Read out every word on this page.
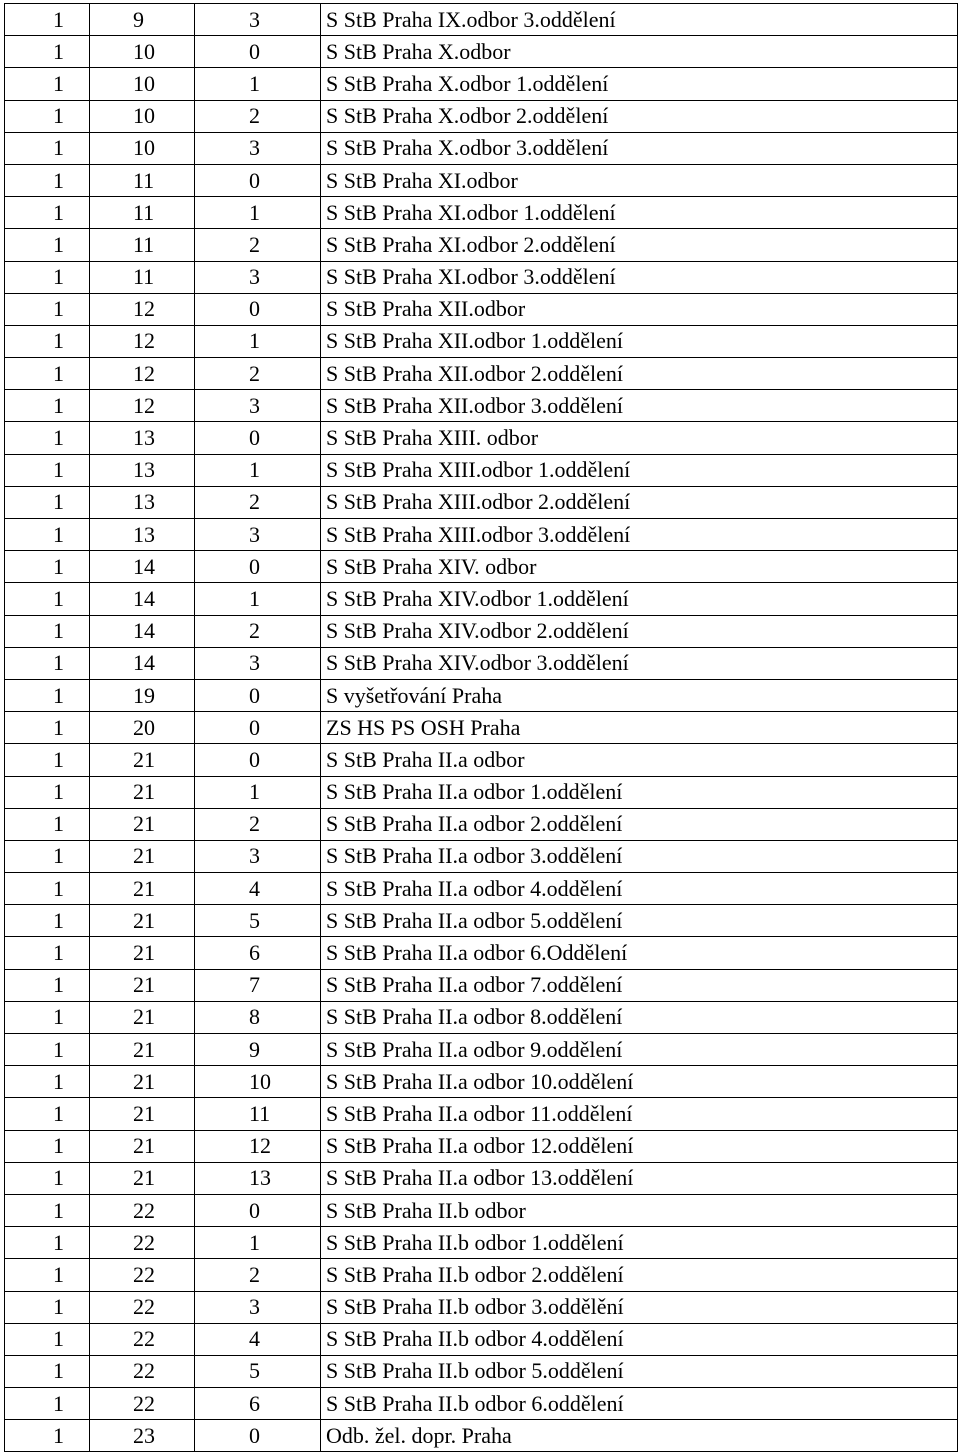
1	9	3	S StB Praha IX.odbor 3.oddělení
1	10	0	S StB Praha X.odbor
1	10	1	S StB Praha X.odbor 1.oddělení
1	10	2	S StB Praha X.odbor 2.oddělení
1	10	3	S StB Praha X.odbor 3.oddělení
1	11	0	S StB Praha XI.odbor
1	11	1	S StB Praha XI.odbor 1.oddělení
1	11	2	S StB Praha XI.odbor 2.oddělení
1	11	3	S StB Praha XI.odbor 3.oddělení
1	12	0	S StB Praha XII.odbor
1	12	1	S StB Praha XII.odbor 1.oddělení
1	12	2	S StB Praha XII.odbor 2.oddělení
1	12	3	S StB Praha XII.odbor 3.oddělení
1	13	0	S StB Praha XIII. odbor
1	13	1	S StB Praha XIII.odbor 1.oddělení
1	13	2	S StB Praha XIII.odbor 2.oddělení
1	13	3	S StB Praha XIII.odbor 3.oddělení
1	14	0	S StB Praha XIV. odbor
1	14	1	S StB Praha XIV.odbor 1.oddělení
1	14	2	S StB Praha XIV.odbor 2.oddělení
1	14	3	S StB Praha XIV.odbor 3.oddělení
1	19	0	S vyšetřování Praha
1	20	0	ZS HS PS OSH Praha
1	21	0	S StB Praha II.a odbor
1	21	1	S StB Praha II.a odbor 1.oddělení
1	21	2	S StB Praha II.a odbor 2.oddělení
1	21	3	S StB Praha II.a odbor 3.oddělení
1	21	4	S StB Praha II.a odbor 4.oddělení
1	21	5	S StB Praha II.a odbor 5.oddělení
1	21	6	S StB Praha II.a odbor 6.Oddělení
1	21	7	S StB Praha II.a odbor 7.oddělení
1	21	8	S StB Praha II.a odbor 8.oddělení
1	21	9	S StB Praha II.a odbor 9.oddělení
1	21	10	S StB Praha II.a odbor 10.oddělení
1	21	11	S StB Praha II.a odbor 11.oddělení
1	21	12	S StB Praha II.a odbor 12.oddělení
1	21	13	S StB Praha II.a odbor 13.oddělení
1	22	0	S StB Praha II.b odbor
1	22	1	S StB Praha II.b odbor 1.oddělení
1	22	2	S StB Praha II.b odbor 2.oddělení
1	22	3	S StB Praha II.b odbor 3.oddělění
1	22	4	S StB Praha II.b odbor 4.oddělení
1	22	5	S StB Praha II.b odbor 5.oddělení
1	22	6	S StB Praha II.b odbor 6.oddělení
1	23	0	Odb. žel. dopr. Praha
